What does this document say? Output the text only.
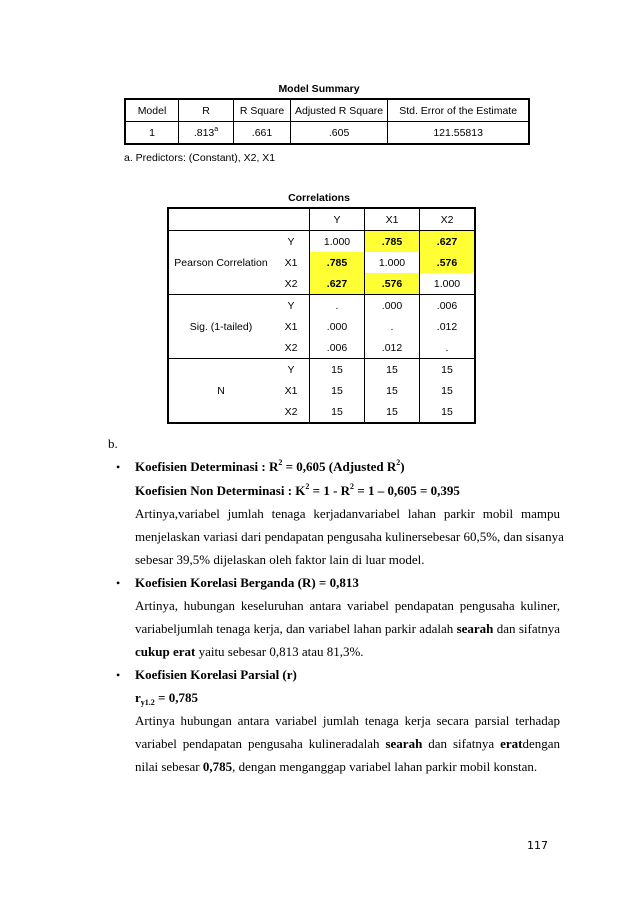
Model Summary
Model	R	R Square	Adjusted R Square	Std. Error of the Estimate
1	.813$^a$	.661	.605	121.55813
a. Predictors: (Constant), X2, X1
Correlations
		Y	X1	X2
Pearson Correlation	Y	1.000	.785	.627
	X1	.785	1.000	.576
	X2	.627	.576	1.000
Sig. (1-tailed)	Y	.	.000	.006
	X1	.000	.	.012
	X2	.006	.012	.
N	Y	15	15	15
	X1	15	15	15
	X2	15	15	15
b.
• Koefisien Determinasi : $R^2 = 0,605$ (Adjusted $R^2$)
Koefisien Non Determinasi : $K^2 = 1 - R^2 = 1 - 0,605 = 0,395$
Artinya,variabel jumlah tenaga kerjadanvariabel lahan parkir mobil mampu
menjelaskan variasi dari pendapatan pengusaha kulinersebesar 60,5%, dan sisanya
sebesar 39,5% dijelaskan oleh faktor lain di luar model.
• Koefisien Korelasi Berganda (R) = 0,813
Artinya, hubungan keseluruhan antara variabel pendapatan pengusaha kuliner,
variabeljumlah tenaga kerja, dan variabel lahan parkir adalah searah dan sifatnya
cukup erat yaitu sebesar 0,813 atau 81,3%.
• Koefisien Korelasi Parsial (r)
$r_{y1.2} = 0,785$
Artinya hubungan antara variabel jumlah tenaga kerja secara parsial terhadap
variabel pendapatan pengusaha kulineradalah searah dan sifatnya eratdengan
nilai sebesar 0,785, dengan menganggap variabel lahan parkir mobil konstan.
117
